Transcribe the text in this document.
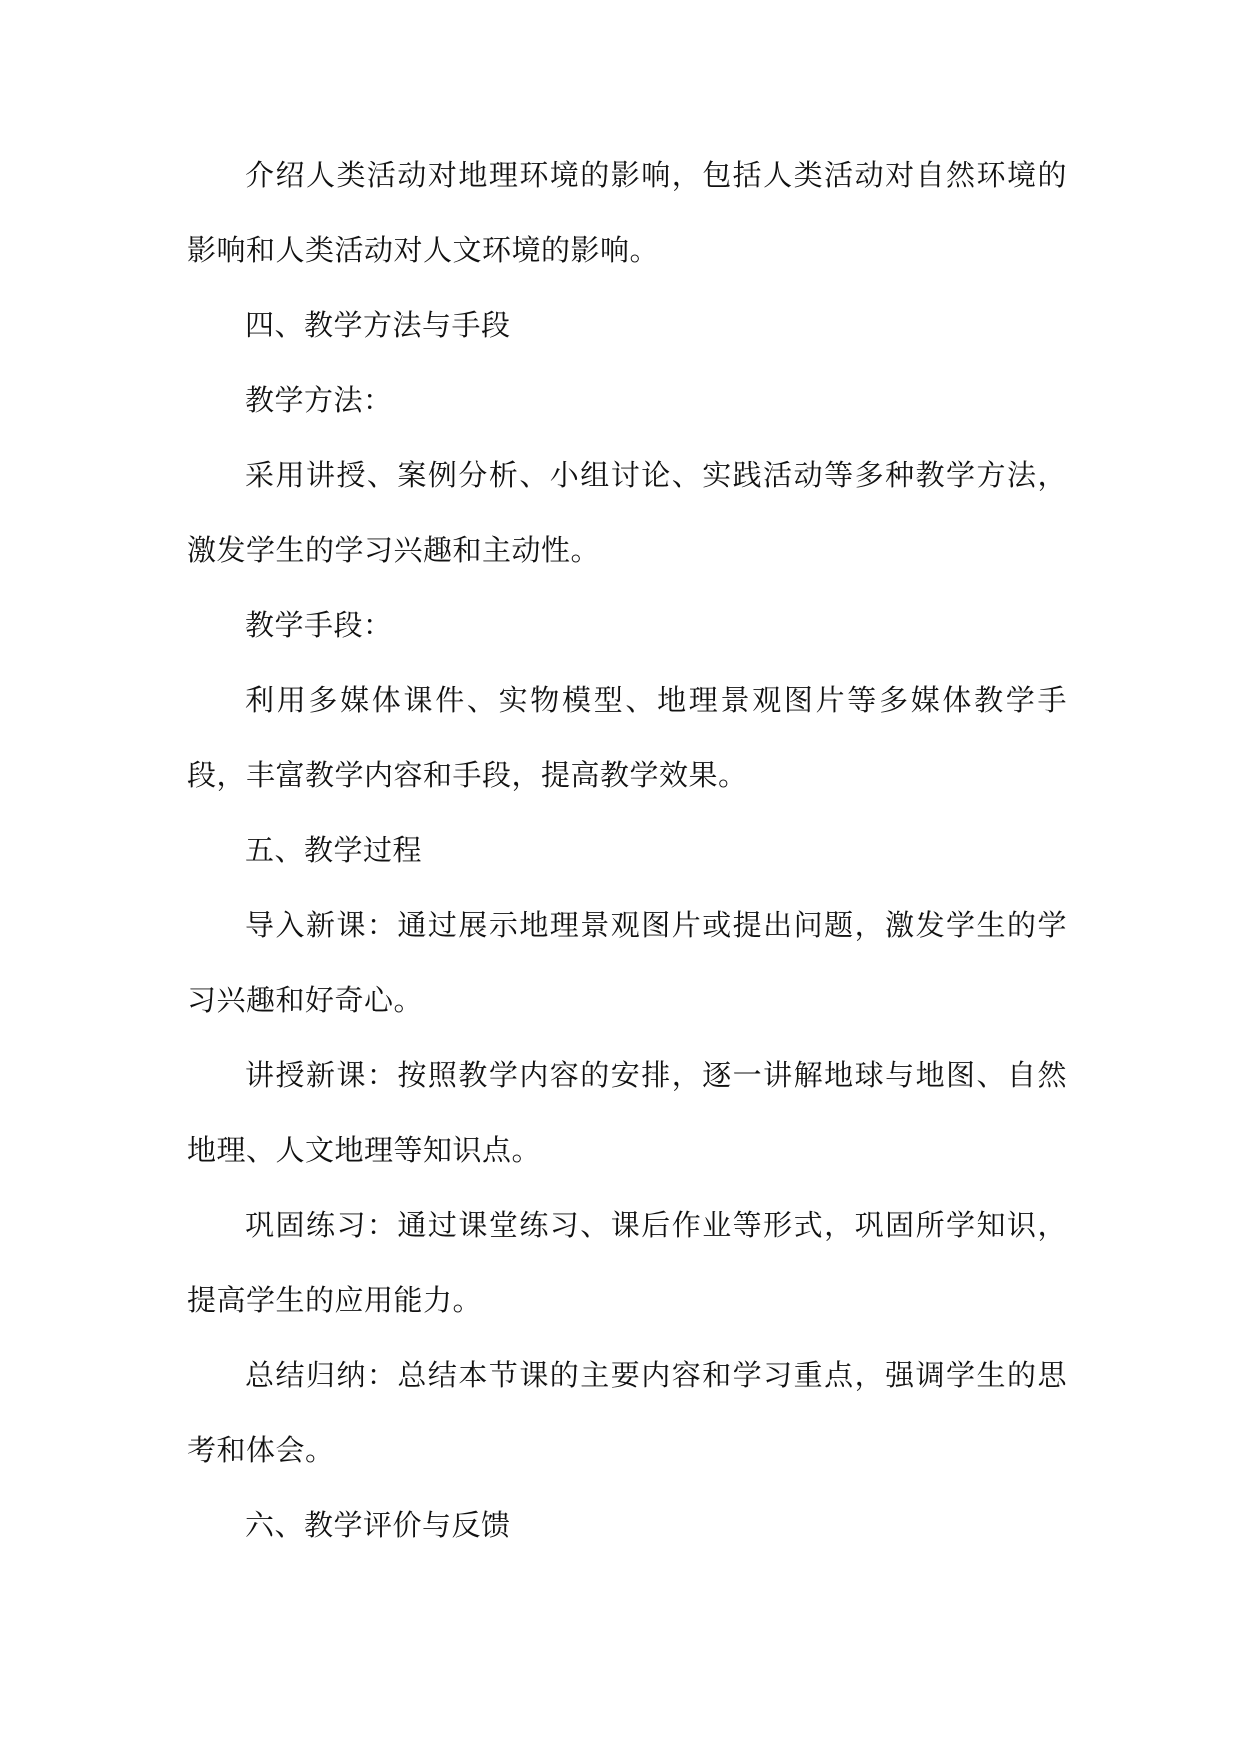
介绍人类活动对地理环境的影响，包括人类活动对自然环境的影响和人类活动对人文环境的影响。

四、教学方法与手段

教学方法：

采用讲授、案例分析、小组讨论、实践活动等多种教学方法，激发学生的学习兴趣和主动性。

教学手段：

利用多媒体课件、实物模型、地理景观图片等多媒体教学手段，丰富教学内容和手段，提高教学效果。

五、教学过程

导入新课：通过展示地理景观图片或提出问题，激发学生的学习兴趣和好奇心。

讲授新课：按照教学内容的安排，逐一讲解地球与地图、自然地理、人文地理等知识点。

巩固练习：通过课堂练习、课后作业等形式，巩固所学知识，提高学生的应用能力。

总结归纳：总结本节课的主要内容和学习重点，强调学生的思考和体会。

六、教学评价与反馈
